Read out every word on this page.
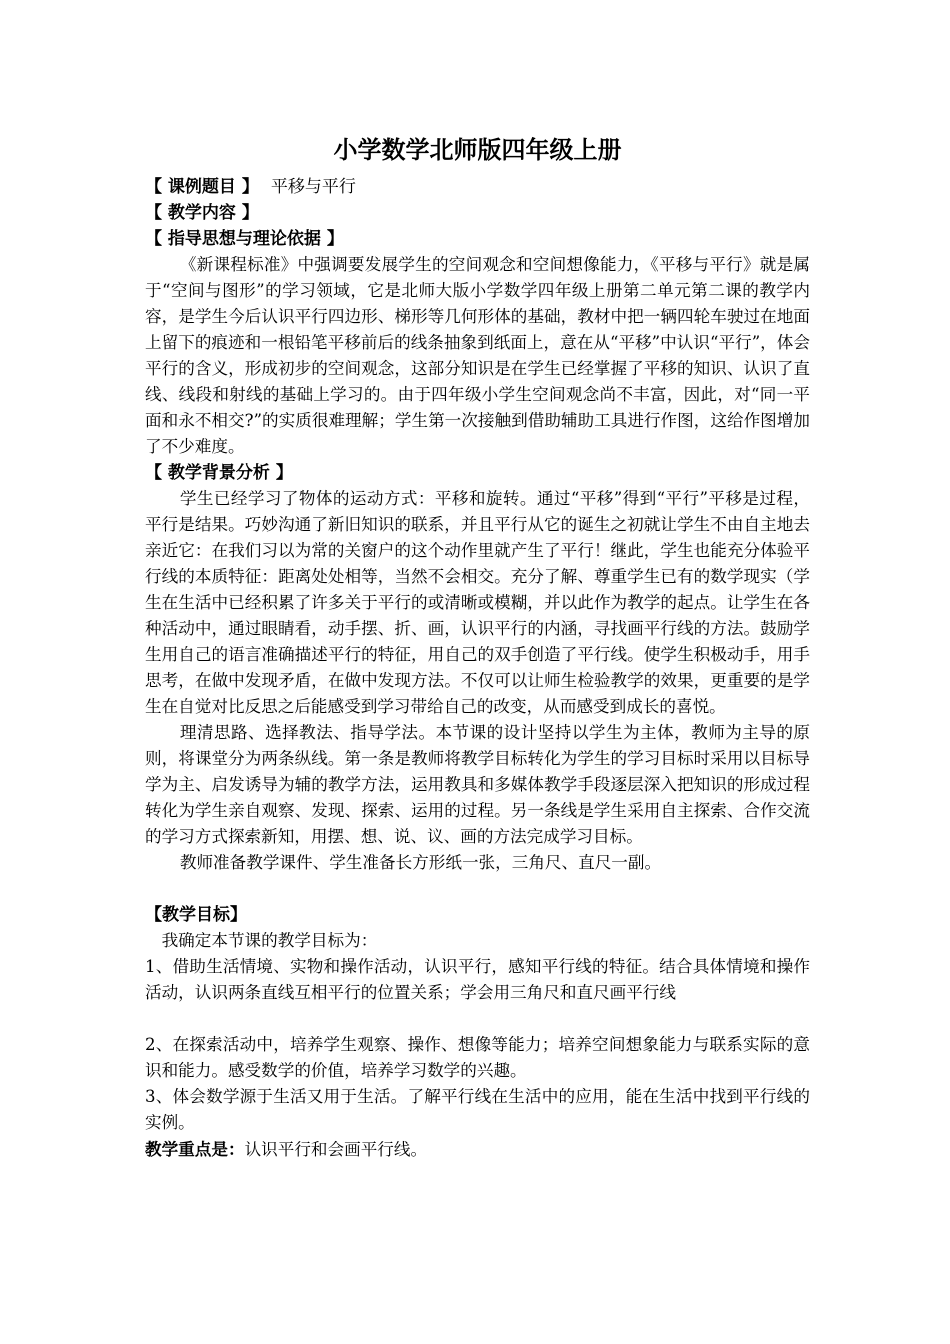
小学数学北师版四年级上册

【 课例题目 】 平移与平行

【 教学内容 】

【 指导思想与理论依据 】

《新课程标准》中强调要发展学生的空间观念和空间想像能力，《平移与平行》就是属于“空间与图形”的学习领域，它是北师大版小学数学四年级上册第二单元第二课的教学内容，是学生今后认识平行四边形、梯形等几何形体的基础，教材中把一辆四轮车驶过在地面上留下的痕迹和一根铅笔平移前后的线条抽象到纸面上，意在从“平移”中认识“平行”，体会平行的含义，形成初步的空间观念，这部分知识是在学生已经掌握了平移的知识、认识了直线、线段和射线的基础上学习的。由于四年级小学生空间观念尚不丰富，因此，对“同一平面和永不相交?”的实质很难理解；学生第一次接触到借助辅助工具进行作图，这给作图增加了不少难度。

【 教学背景分析 】

学生已经学习了物体的运动方式：平移和旋转。通过“平移”得到“平行”平移是过程，平行是结果。巧妙沟通了新旧知识的联系，并且平行从它的诞生之初就让学生不由自主地去亲近它：在我们习以为常的关窗户的这个动作里就产生了平行！继此，学生也能充分体验平行线的本质特征：距离处处相等，当然不会相交。充分了解、尊重学生已有的数学现实（学生在生活中已经积累了许多关于平行的或清晰或模糊，并以此作为教学的起点。让学生在各种活动中，通过眼睛看，动手摆、折、画，认识平行的内涵，寻找画平行线的方法。鼓励学生用自己的语言准确描述平行的特征，用自己的双手创造了平行线。使学生积极动手，用手思考，在做中发现矛盾，在做中发现方法。不仅可以让师生检验教学的效果，更重要的是学生在自觉对比反思之后能感受到学习带给自己的改变，从而感受到成长的喜悦。

理清思路、选择教法、指导学法。本节课的设计坚持以学生为主体，教师为主导的原则，将课堂分为两条纵线。第一条是教师将教学目标转化为学生的学习目标时采用以目标导学为主、启发诱导为辅的教学方法，运用教具和多媒体教学手段逐层深入把知识的形成过程转化为学生亲自观察、发现、探索、运用的过程。另一条线是学生采用自主探索、合作交流的学习方式探索新知，用摆、想、说、议、画的方法完成学习目标。

教师准备教学课件、学生准备长方形纸一张，三角尺、直尺一副。

【教学目标】

我确定本节课的教学目标为：

1、借助生活情境、实物和操作活动，认识平行，感知平行线的特征。结合具体情境和操作活动，认识两条直线互相平行的位置关系；学会用三角尺和直尺画平行线

2、在探索活动中，培养学生观察、操作、想像等能力；培养空间想象能力与联系实际的意识和能力。感受数学的价值，培养学习数学的兴趣。

3、体会数学源于生活又用于生活。了解平行线在生活中的应用，能在生活中找到平行线的实例。

教学重点是：认识平行和会画平行线。
